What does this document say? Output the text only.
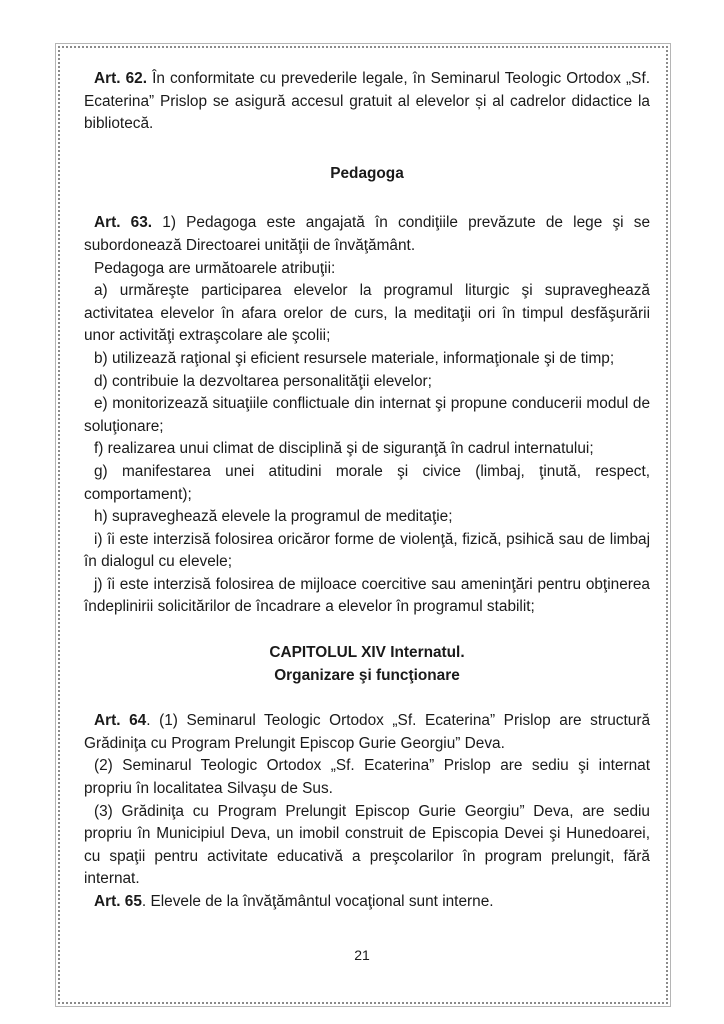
Art. 62. În conformitate cu prevederile legale, în Seminarul Teologic Ortodox „Sf. Ecaterina” Prislop se asigură accesul gratuit al elevelor și al cadrelor didactice la bibliotecă.

Pedagoga

Art. 63. 1) Pedagoga este angajată în condiţiile prevăzute de lege şi se subordonează Directoarei unităţii de învăţământ.

Pedagoga are următoarele atribuţii:

a) urmăreşte participarea elevelor la programul liturgic şi supraveghează activitatea elevelor în afara orelor de curs, la meditaţii ori în timpul desfăşurării unor activităţi extraşcolare ale şcolii;

b) utilizează raţional şi eficient resursele materiale, informaţionale şi de timp;

d) contribuie la dezvoltarea personalităţii elevelor;

e) monitorizează situaţiile conflictuale din internat şi propune conducerii modul de soluţionare;

f) realizarea unui climat de disciplină şi de siguranţă în cadrul internatului;

g) manifestarea unei atitudini morale şi civice (limbaj, ţinută, respect, comportament);

h) supraveghează elevele la programul de meditaţie;

i) îi este interzisă folosirea oricăror forme de violenţă, fizică, psihică sau de limbaj în dialogul cu elevele;

j) îi este interzisă folosirea de mijloace coercitive sau ameninţări pentru obţinerea îndeplinirii solicitărilor de încadrare a elevelor în programul stabilit;

CAPITOLUL XIV Internatul.

Organizare şi funcţionare

Art. 64. (1) Seminarul Teologic Ortodox „Sf. Ecaterina” Prislop are structură Grădiniţa cu Program Prelungit Episcop Gurie Georgiu” Deva.

(2) Seminarul Teologic Ortodox „Sf. Ecaterina” Prislop are sediu şi internat propriu în localitatea Silvaşu de Sus.

(3) Grădiniţa cu Program Prelungit Episcop Gurie Georgiu” Deva, are sediu propriu în Municipiul Deva, un imobil construit de Episcopia Devei şi Hunedoarei, cu spaţii pentru activitate educativă a preşcolarilor în program prelungit, fără internat.

Art. 65. Elevele de la învăţământul vocaţional sunt interne.

21
